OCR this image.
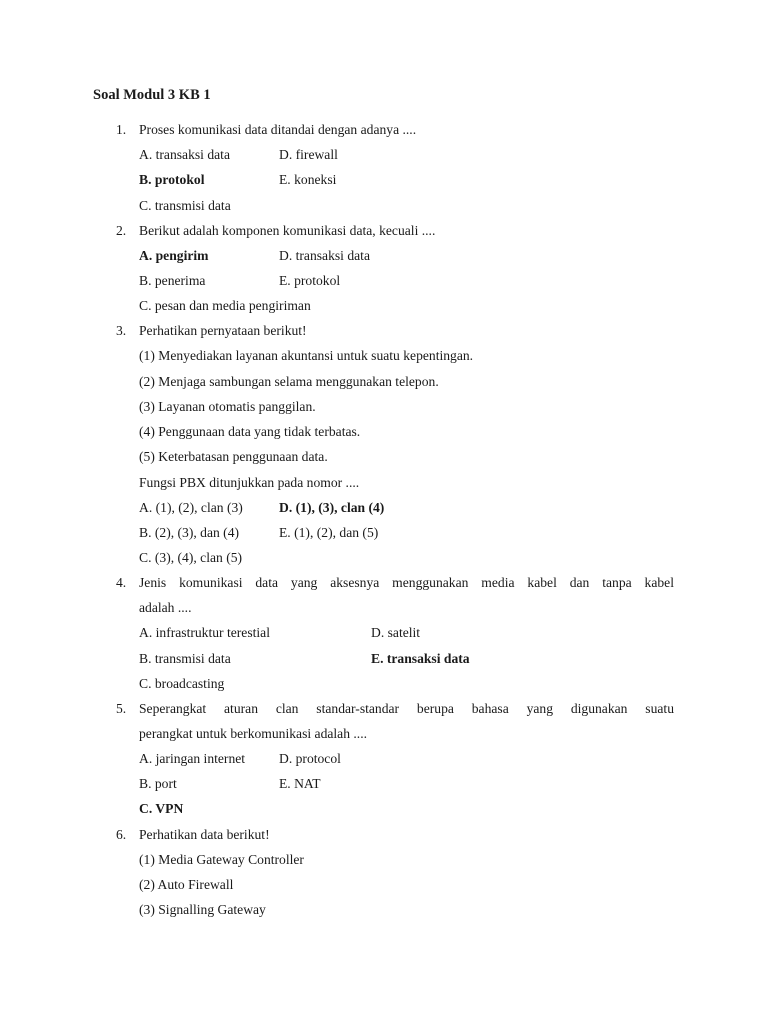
Soal Modul 3 KB 1
1. Proses komunikasi data ditandai dengan adanya ....
A. transaksi data	D. firewall
B. protokol	E. koneksi
C. transmisi data
2. Berikut adalah komponen komunikasi data, kecuali ....
A. pengirim	D. transaksi data
B. penerima	E. protokol
C. pesan dan media pengiriman
3. Perhatikan pernyataan berikut!
(1) Menyediakan layanan akuntansi untuk suatu kepentingan.
(2) Menjaga sambungan selama menggunakan telepon.
(3) Layanan otomatis panggilan.
(4) Penggunaan data yang tidak terbatas.
(5) Keterbatasan penggunaan data.
Fungsi PBX ditunjukkan pada nomor ....
A. (1), (2), clan (3)	D. (1), (3), clan (4)
B. (2), (3), dan (4)	E. (1), (2), dan (5)
C. (3), (4), clan (5)
4. Jenis komunikasi data yang aksesnya menggunakan media kabel dan tanpa kabel
adalah ....
A. infrastruktur terestial	D. satelit
B. transmisi data	E. transaksi data
C. broadcasting
5. Seperangkat aturan clan standar-standar berupa bahasa yang digunakan suatu
perangkat untuk berkomunikasi adalah ....
A. jaringan internet D. protocol
B. port	E. NAT
C. VPN
6. Perhatikan data berikut!
(1) Media Gateway Controller
(2) Auto Firewall
(3) Signalling Gateway
